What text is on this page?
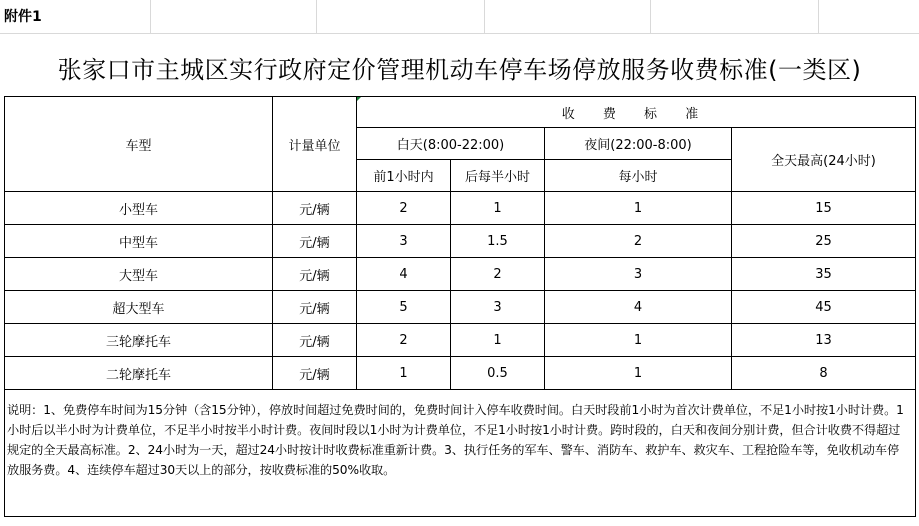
附件1
张家口市主城区实行政府定价管理机动车停车场停放服务收费标准(一类区)
车型	计量单位	收 费 标 准			
		白天(8:00-22:00)		夜间(22:00-8:00)	全天最高(24小时)
		前1小时内	后每半小时	每小时	
小型车	元/辆	2	1	1	15
中型车	元/辆	3	1.5	2	25
大型车	元/辆	4	2	3	35
超大型车	元/辆	5	3	4	45
三轮摩托车	元/辆	2	1	1	13
二轮摩托车	元/辆	1	0.5	1	8
说明：1、免费停车时间为15分钟（含15分钟），停放时间超过免费时间的，免费时间计入停车收费时间。白天时段前1小时为首次计费单位，不足1小时按1小时计费。1小时后以半小时为计费单位，不足半小时按半小时计费。夜间时段以1小时为计费单位，不足1小时按1小时计费。跨时段的，白天和夜间分别计费，但合计收费不得超过规定的全天最高标准。2、24小时为一天，超过24小时按计时收费标准重新计费。3、执行任务的军车、警车、消防车、救护车、救灾车、工程抢险车等，免收机动车停放服务费。4、连续停车超过30天以上的部分，按收费标准的50%收取。					
